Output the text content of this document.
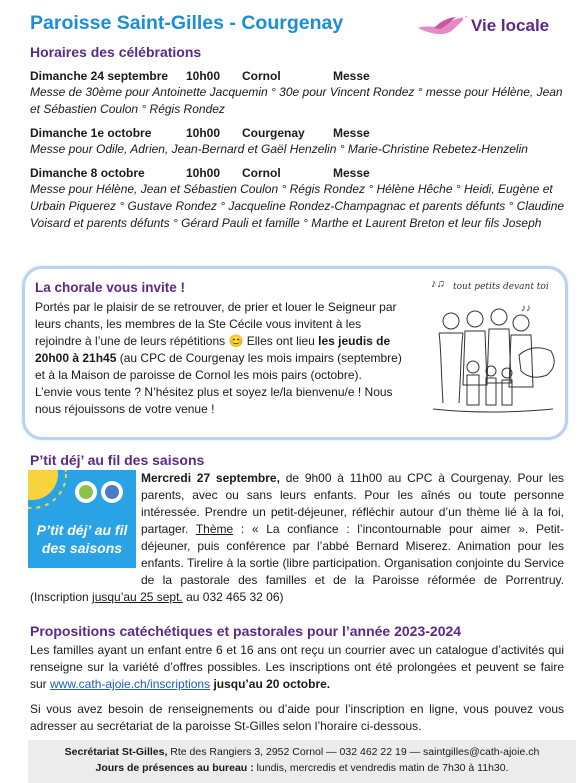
Paroisse Saint-Gilles - Courgenay	Vie locale
Horaires des célébrations
Dimanche 24 septembre 10h00 Cornol	Messe
Messe de 30ème pour Antoinette Jacquemin ° 30e pour Vincent Rondez ° messe pour Hélène, Jean et Sébastien Coulon ° Régis Rondez
Dimanche 1e octobre	10h00 Courgenay Messe
Messe pour Odile, Adrien, Jean-Bernard et Gaël Henzelin ° Marie-Christine Rebetez-Henzelin
Dimanche 8 octobre	10h00 Cornol	Messe
Messe pour Hélène, Jean et Sébastien Coulon ° Régis Rondez ° Hélène Hêche ° Heidi, Eugène et Urbain Piquerez ° Gustave Rondez ° Jacqueline Rondez-Champagnac et parents défunts ° Claudine Voisard et parents défunts ° Gérard Pauli et famille ° Marthe et Laurent Breton et leur fils Joseph
La chorale vous invite !
Portés par le plaisir de se retrouver, de prier et louer le Seigneur par leurs chants, les membres de la Ste Cécile vous invitent à les rejoindre à l’une de leurs répétitions 😊 Elles ont lieu les jeudis de 20h00 à 21h45 (au CPC de Courgenay les mois impairs (septembre) et à la Maison de paroisse de Cornol les mois pairs (octobre).
L’envie vous tente ? N’hésitez plus et soyez le/la bienvenu/e ! Nous nous réjouissons de votre venue !
tout petits devant toi
♪♫
♪♪
P’tit déj’ au fil des saisons
P’tit déj’ au fil des saisons
Mercredi 27 septembre, de 9h00 à 11h00 au CPC à Courgenay. Pour les parents, avec ou sans leurs enfants. Pour les aînés ou toute personne intéressée. Prendre un petit-déjeuner, réfléchir autour d’un thème lié à la foi, partager. Thème : « La confiance : l’incontournable pour aimer ». Petit-déjeuner, puis conférence par l’abbé Bernard Miserez. Animation pour les enfants. Tirelire à la sortie (libre participation. Organisation conjointe du Service de la pastorale des familles et de la Paroisse réformée de Porrentruy. (Inscription jusqu’au 25 sept. au 032 465 32 06)
Propositions catéchétiques et pastorales pour l’année 2023-2024

Les familles ayant un enfant entre 6 et 16 ans ont reçu un courrier avec un catalogue d’activités qui renseigne sur la variété d’offres possibles. Les inscriptions ont été prolongées et peuvent se faire sur www.cath-ajoie.ch/inscriptions jusqu’au 20 octobre.

Si vous avez besoin de renseignements ou d’aide pour l’inscription en ligne, vous pouvez vous adresser au secrétariat de la paroisse St-Gilles selon l’horaire ci-dessous.

Secrétariat St-Gilles, Rte des Rangiers 3, 2952 Cornol — 032 462 22 19 — saintgilles@cath-ajoie.ch
Jours de présences au bureau : lundis, mercredis et vendredis matin de 7h30 à 11h30.
